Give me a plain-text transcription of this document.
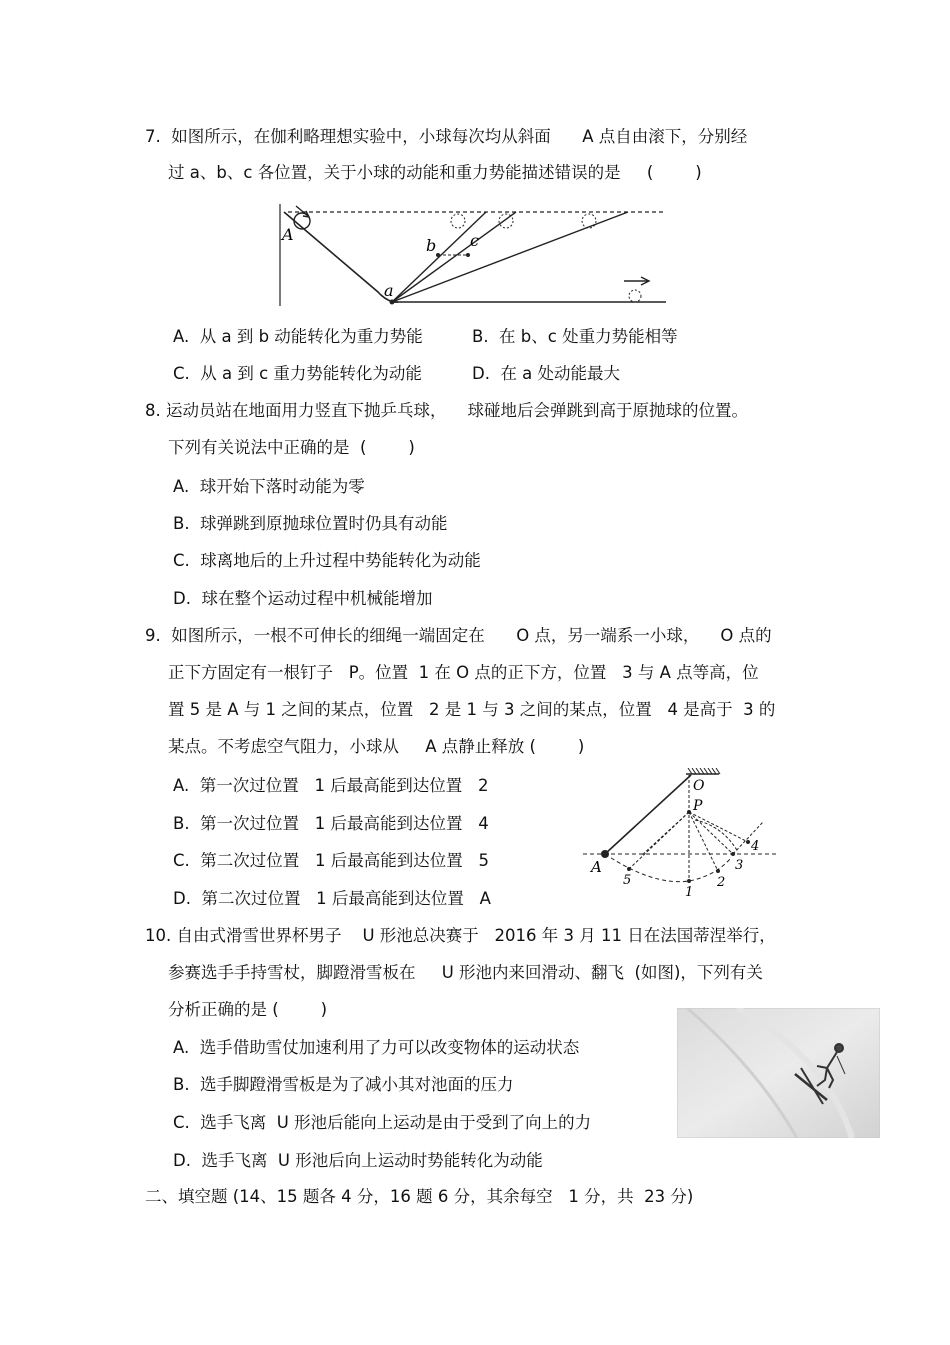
7.  如图所示，在伽利略理想实验中，小球每次均从斜面      A 点自由滚下，分别经
过 a、b、c 各位置，关于小球的动能和重力势能描述错误的是     (        )
A
a
b c
A.  从 a 到 b 动能转化为重力势能	B.  在 b、c 处重力势能相等
C.  从 a 到 c 重力势能转化为动能	D.  在 a 处动能最大
8. 运动员站在地面用力竖直下抛乒乓球，    球碰地后会弹跳到高于原抛球的位置。
下列有关说法中正确的是  (        )
A.  球开始下落时动能为零
B.  球弹跳到原抛球位置时仍具有动能
C.  球离地后的上升过程中势能转化为动能
D.  球在整个运动过程中机械能增加
9.  如图所示，一根不可伸长的细绳一端固定在      O 点，另一端系一小球，    O 点的
正下方固定有一根钉子   P。位置  1 在 O 点的正下方，位置   3 与 A 点等高，位
置 5 是 A 与 1 之间的某点，位置   2 是 1 与 3 之间的某点，位置   4 是高于  3 的
某点。不考虑空气阻力，小球从     A 点静止释放 (        )
A.  第一次过位置   1 后最高能到达位置   2
B.  第一次过位置   1 后最高能到达位置   4
C.  第二次过位置   1 后最高能到达位置   5
D.  第二次过位置   1 后最高能到达位置   A
O
P
A
1
2
3
4
5
10. 自由式滑雪世界杯男子    U 形池总决赛于   2016 年 3 月 11 日在法国蒂涅举行，
参赛选手手持雪杖，脚蹬滑雪板在     U 形池内来回滑动、翻飞  (如图)，下列有关
分析正确的是 (        )
A.  选手借助雪仗加速利用了力可以改变物体的运动状态
B.  选手脚蹬滑雪板是为了减小其对池面的压力
C.  选手飞离  U 形池后能向上运动是由于受到了向上的力
D.  选手飞离  U 形池后向上运动时势能转化为动能
二、填空题 (14、15 题各 4 分，16 题 6 分，其余每空   1 分，共  23 分)
